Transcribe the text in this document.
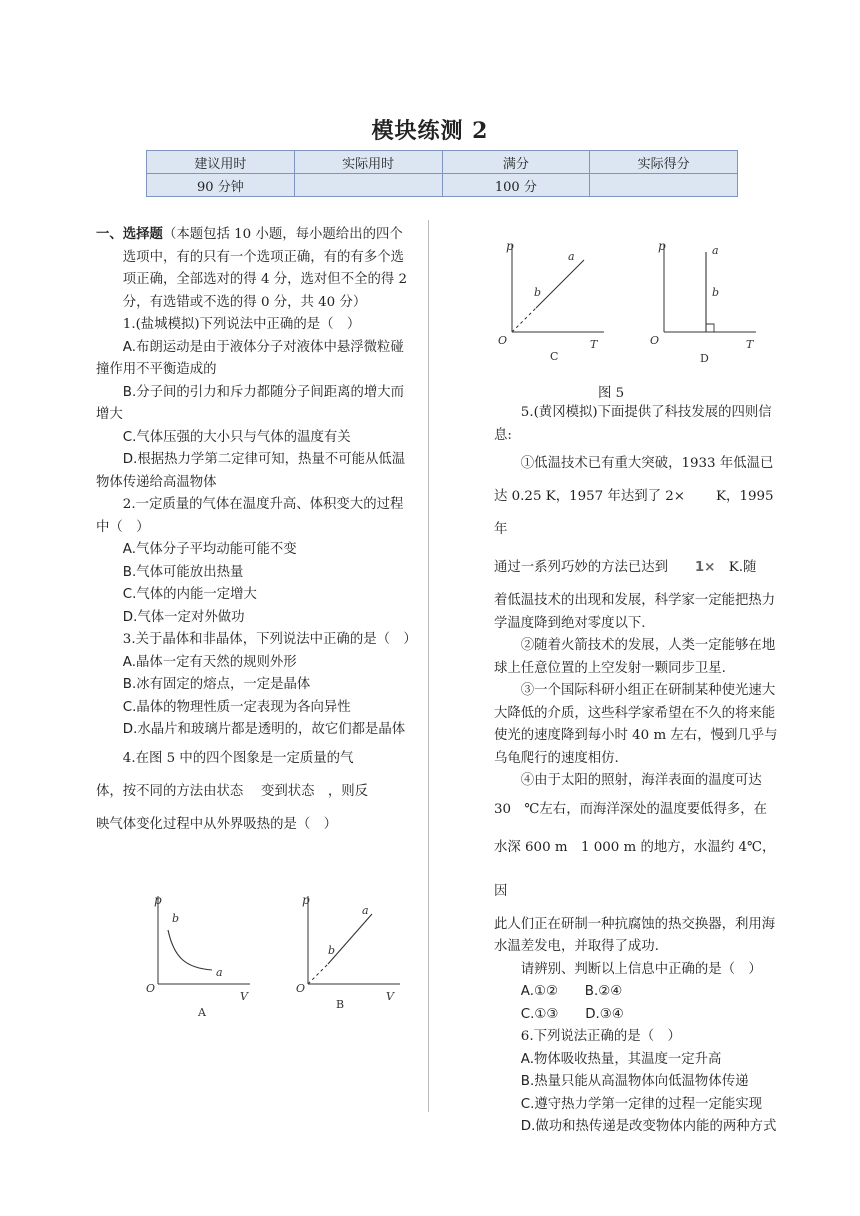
模块练测 2
建议用时	实际用时	满分	实际得分
90 分钟		100 分	

一、选择题（本题包括 10 小题，每小题给出的四个选项中，有的只有一个选项正确，有的有多个选项正确，全部选对的得 4 分，选对但不全的得 2 分，有选错或不选的得 0 分，共 40 分）

1.(盐城模拟)下列说法中正确的是（　）

A.布朗运动是由于液体分子对液体中悬浮微粒碰撞作用不平衡造成的

B.分子间的引力和斥力都随分子间距离的增大而增大

C.气体压强的大小只与气体的温度有关

D.根据热力学第二定律可知，热量不可能从低温物体传递给高温物体

2.一定质量的气体在温度升高、体积变大的过程中（　）

A.气体分子平均动能可能不变

B.气体可能放出热量

C.气体的内能一定增大

D.气体一定对外做功

3.关于晶体和非晶体，下列说法中正确的是（　）

A.晶体一定有天然的规则外形

B.冰有固定的熔点，一定是晶体

C.晶体的物理性质一定表现为各向异性

D.水晶片和玻璃片都是透明的，故它们都是晶体

4.在图 5 中的四个图象是一定质量的气

体，按不同的方法由状态　 变到状态　，则反

映气体变化过程中从外界吸热的是（　）

p
b
a
O
V
A
p
a
b
O
V
B
p
a
b
O	T
C
p	a
b
O	T
D
图 5

5.(黄冈模拟)下面提供了科技发展的四则信息:

①低温技术已有重大突破，1933 年低温已

达 0.25 K，1957 年达到了 2×　　 K，1995 年

通过一系列巧妙的方法已达到　　 1×　 K.随

着低温技术的出现和发展，科学家一定能把热力学温度降到绝对零度以下.

②随着火箭技术的发展，人类一定能够在地球上任意位置的上空发射一颗同步卫星.

③一个国际科研小组正在研制某种使光速大大降低的介质，这些科学家希望在不久的将来能使光的速度降到每小时 40 m 左右，慢到几乎与乌龟爬行的速度相仿.

④由于太阳的照射，海洋表面的温度可达

30　℃左右，而海洋深处的温度要低得多，在

水深 600 m　1 000 m 的地方，水温约 4℃，因

此人们正在研制一种抗腐蚀的热交换器，利用海水温差发电，并取得了成功.

请辨别、判断以上信息中正确的是（　）

A.①②　　B.②④

C.①③　　D.③④

6.下列说法正确的是（　）

A.物体吸收热量，其温度一定升高

B.热量只能从高温物体向低温物体传递

C.遵守热力学第一定律的过程一定能实现

D.做功和热传递是改变物体内能的两种方式
